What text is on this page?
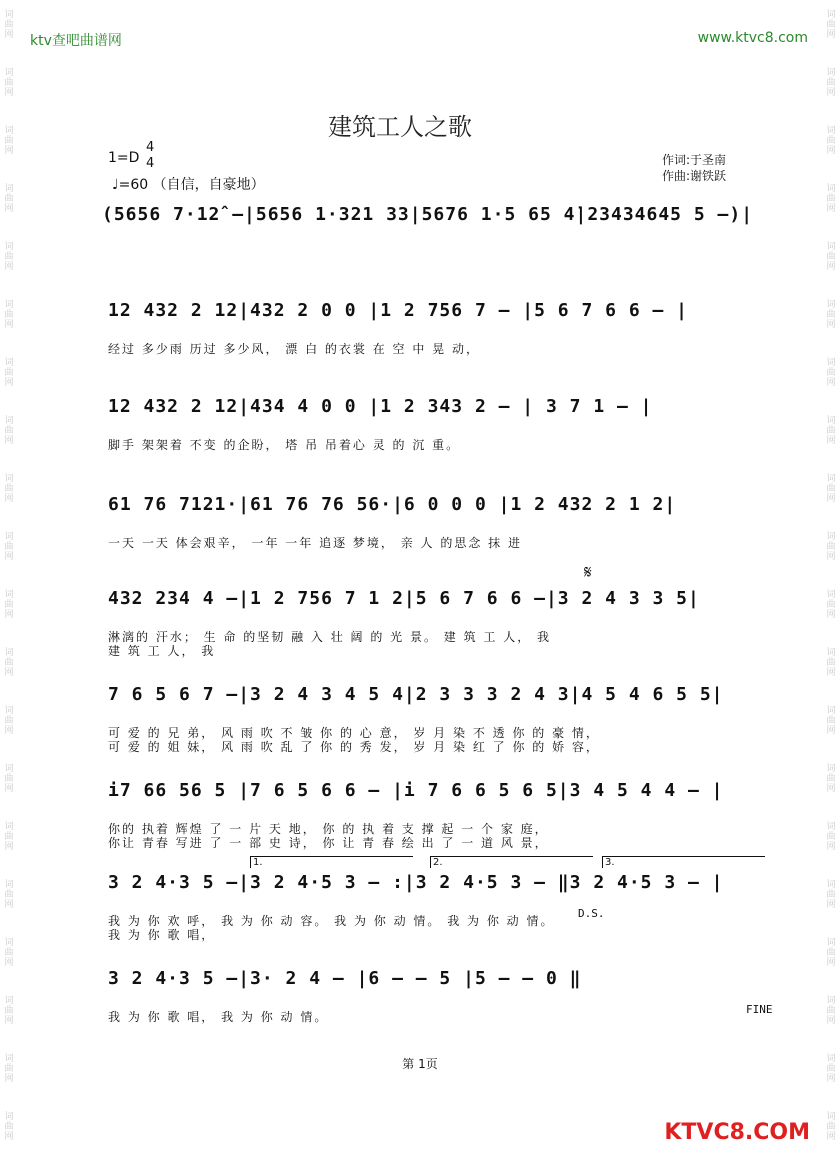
词曲网
词曲网
词曲网
词曲网
词曲网
词曲网
词曲网
词曲网
词曲网
词曲网
词曲网
词曲网
词曲网
词曲网
词曲网
词曲网
词曲网
词曲网
词曲网
词曲网
词曲网
词曲网
词曲网
词曲网
词曲网
词曲网
词曲网
词曲网
词曲网
词曲网
词曲网
词曲网
词曲网
词曲网
词曲网
词曲网
词曲网
词曲网
词曲网
词曲网
ktv查吧曲谱网	www.ktvc8.com
建筑工人之歌
1=D
4
4
♩=60 （自信，自豪地）
作词:于圣南
作曲:谢铁跃
(5656 7·12̂ –|5656 1·321 33|5676 1·5 65 4̇|23434645 5 –)|
12 432 2 12|432 2 0 0 |1 2 756 7 – |5 6 7 6 6 – |
经过 多少雨 历过 多少风， 漂 白 的衣裳 在 空 中 晃 动，
12 432 2 12|434 4 0 0 |1 2 343 2 – | 3 7 1 – |
脚手 架架着 不变 的企盼， 塔 吊 吊着心 灵 的 沉 重。
61 76 7121·|61 76 76 56·|6 0 0 0 |1 2 432 2 1 2|
一天 一天 体会艰辛， 一年 一年 追逐 梦境， 亲 人 的思念 抹 进
432 234 4 –|1 2 756 7 1 2|5 6 7 6 6 –|3 2 4 3 3 5|
淋漓的 汗水； 生 命 的坚韧 融 入 壮 阔 的 光 景。 建 筑 工 人， 我
建 筑 工 人， 我
7 6 5 6 7 –|3 2 4 3 4 5 4|2 3 3 3 2 4 3|4 5 4 6 5 5|
可 爱 的 兄 弟， 风 雨 吹 不 皱 你 的 心 意， 岁 月 染 不 透 你 的 豪 情，
可 爱 的 姐 妹， 风 雨 吹 乱 了 你 的 秀 发， 岁 月 染 红 了 你 的 娇 容，
i7 66 56 5 |7 6 5 6 6 – |i 7 6 6 5 6 5|3 4 5 4 4 – |
你的 执着 辉煌 了 一 片 天 地， 你 的 执 着 支 撑 起 一 个 家 庭，
你让 青春 写进 了 一 部 史 诗， 你 让 青 春 绘 出 了 一 道 风 景，
3 2 4·3 5 –|3 2 4·5 3 – :|3 2 4·5 3 – ‖3 2 4·5 3 – |
我 为 你 欢 呼， 我 为 你 动 容。 我 为 你 动 情。 我 为 你 动 情。
我 为 你 歌 唱，
1.	2.	3.
3 2 4·3 5 –|3· 2 4 – |6 – – 5 |5 – – 0 ‖
我 为 你 歌 唱， 我 为 你 动 情。
D.S.
FINE
第 1页
KTVC8.COM
𝄋
